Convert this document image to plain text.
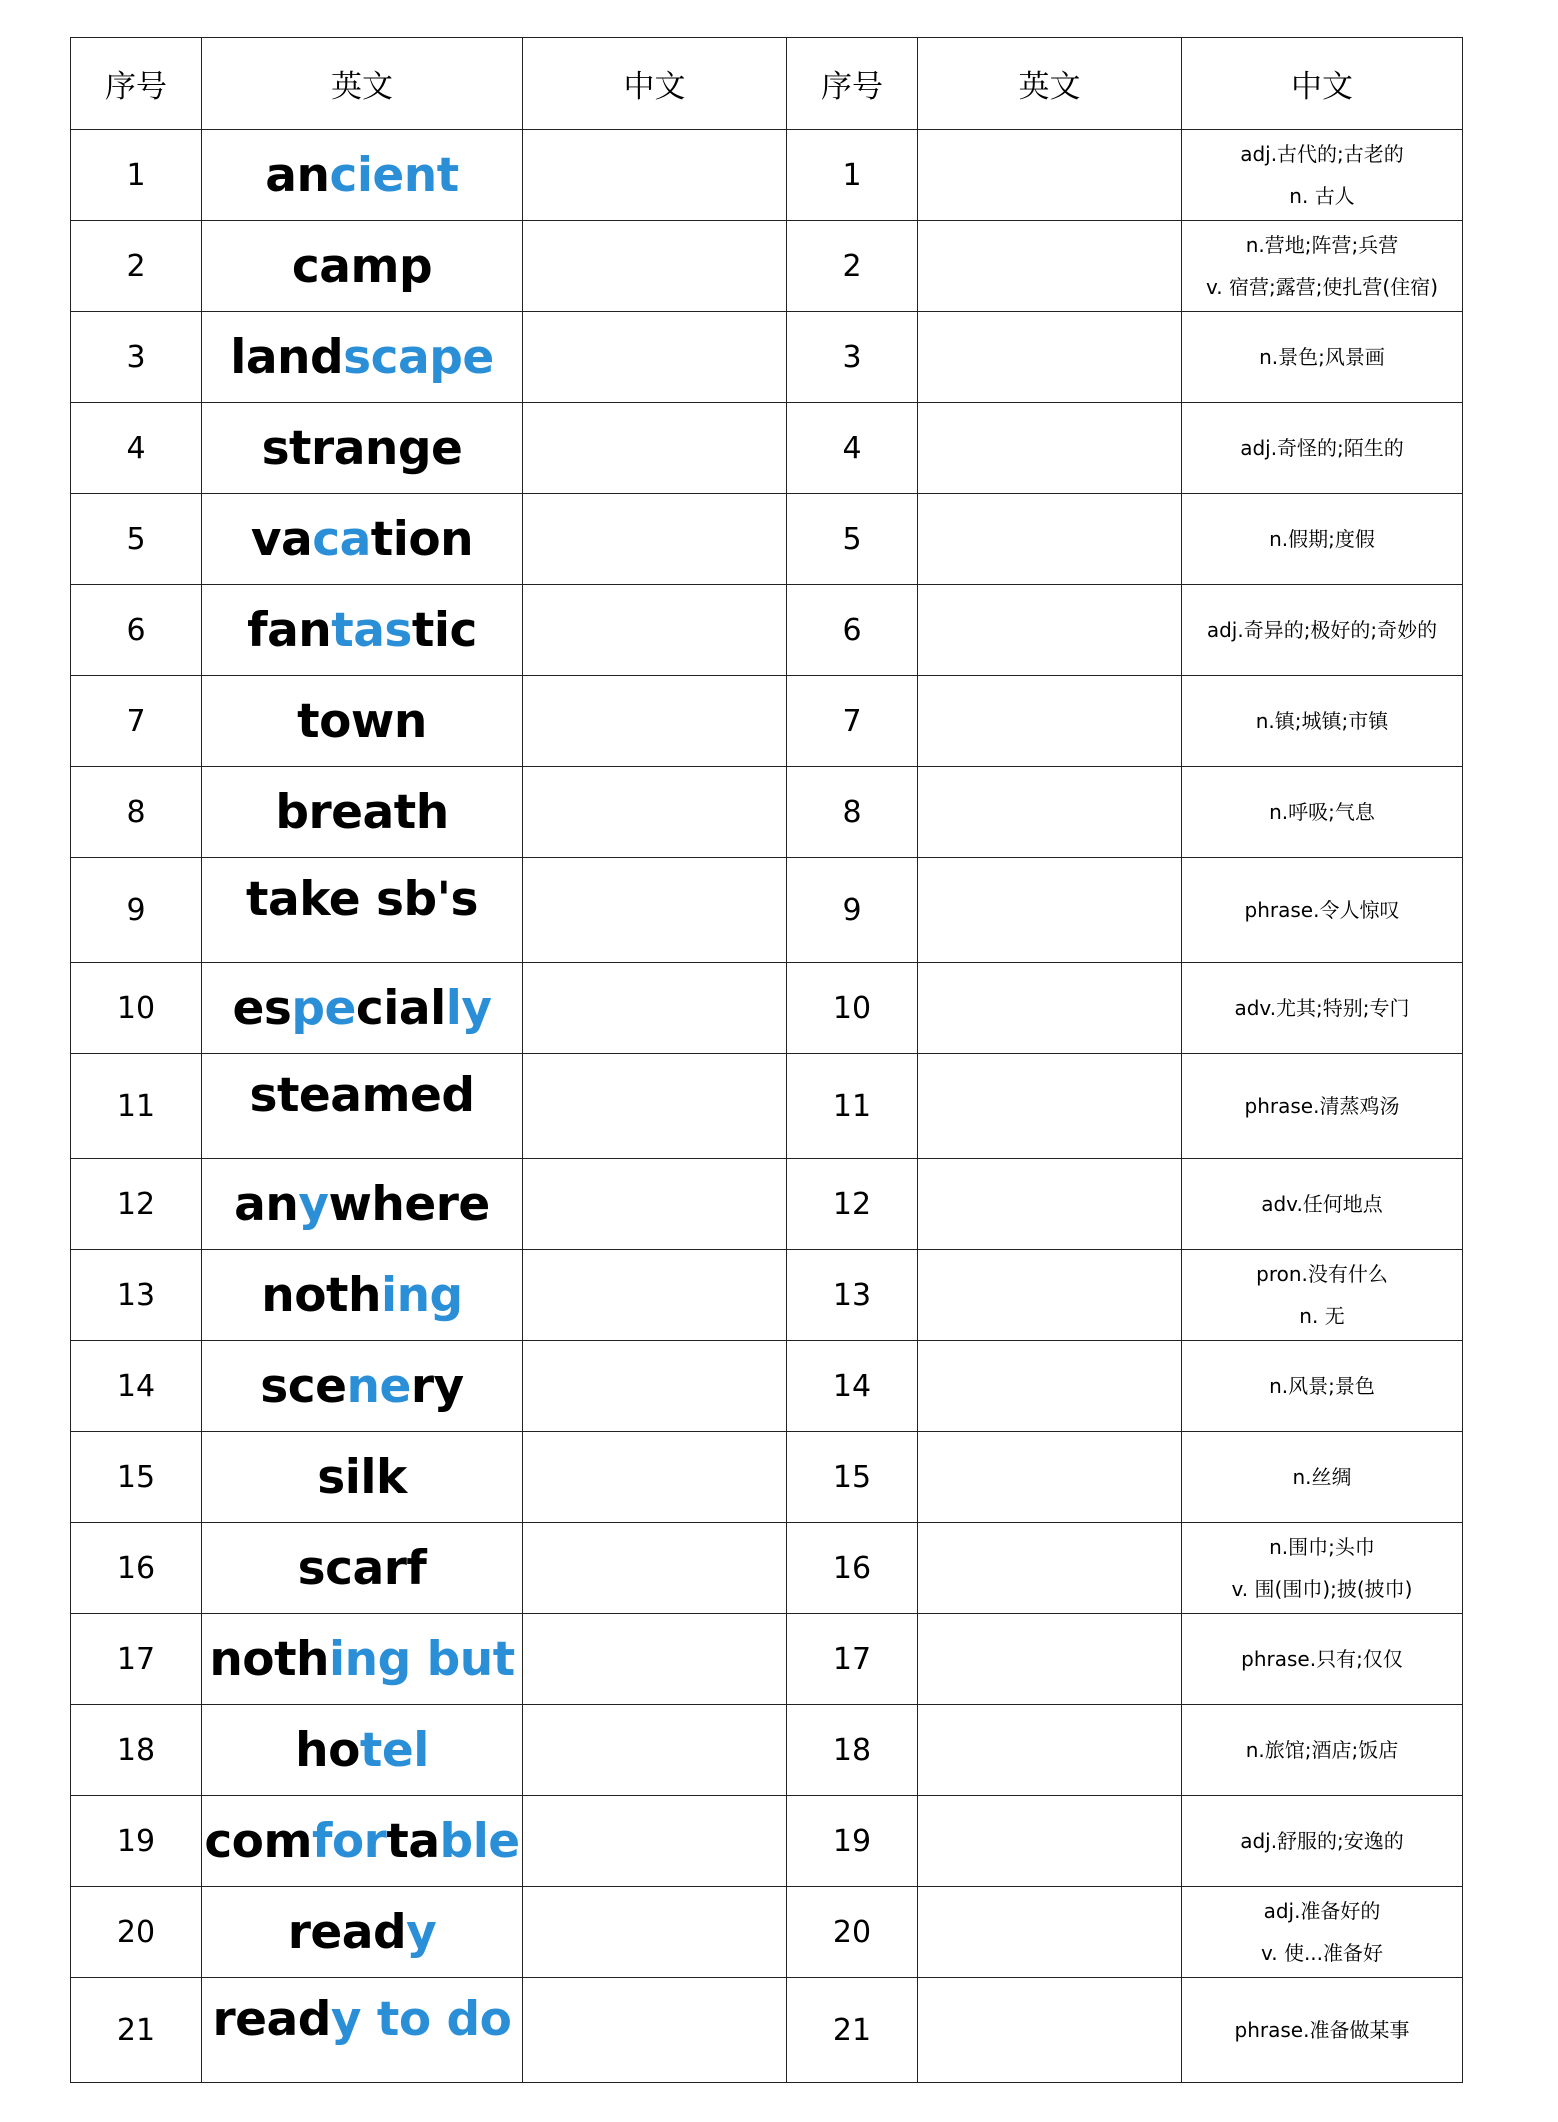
序号	英文	中文	序号	英文	中文
1	ancient		1		adj.古代的;古老的
n. 古人

2	camp		2		n.营地;阵营;兵营
v. 宿营;露营;使扎营(住宿)

3	landscape		3		n.景色;风景画

4	strange		4		adj.奇怪的;陌生的

5	vacation		5		n.假期;度假

6	fantastic		6		adj.奇异的;极好的;奇妙的

7	town		7		n.镇;城镇;市镇

8	breath		8		n.呼吸;气息

9	take sb's		9		phrase.令人惊叹

10	especially		10		adv.尤其;特别;专门

11	steamed		11		phrase.清蒸鸡汤

12	anywhere		12		adv.任何地点

13	nothing		13		pron.没有什么
n. 无

14	scenery		14		n.风景;景色

15	silk		15		n.丝绸

16	scarf		16		n.围巾;头巾
v. 围(围巾);披(披巾)

17	nothing but		17		phrase.只有;仅仅

18	hotel		18		n.旅馆;酒店;饭店

19	comfortable		19		adj.舒服的;安逸的

20	ready		20		adj.准备好的
v. 使...准备好

21	ready to do		21		phrase.准备做某事
